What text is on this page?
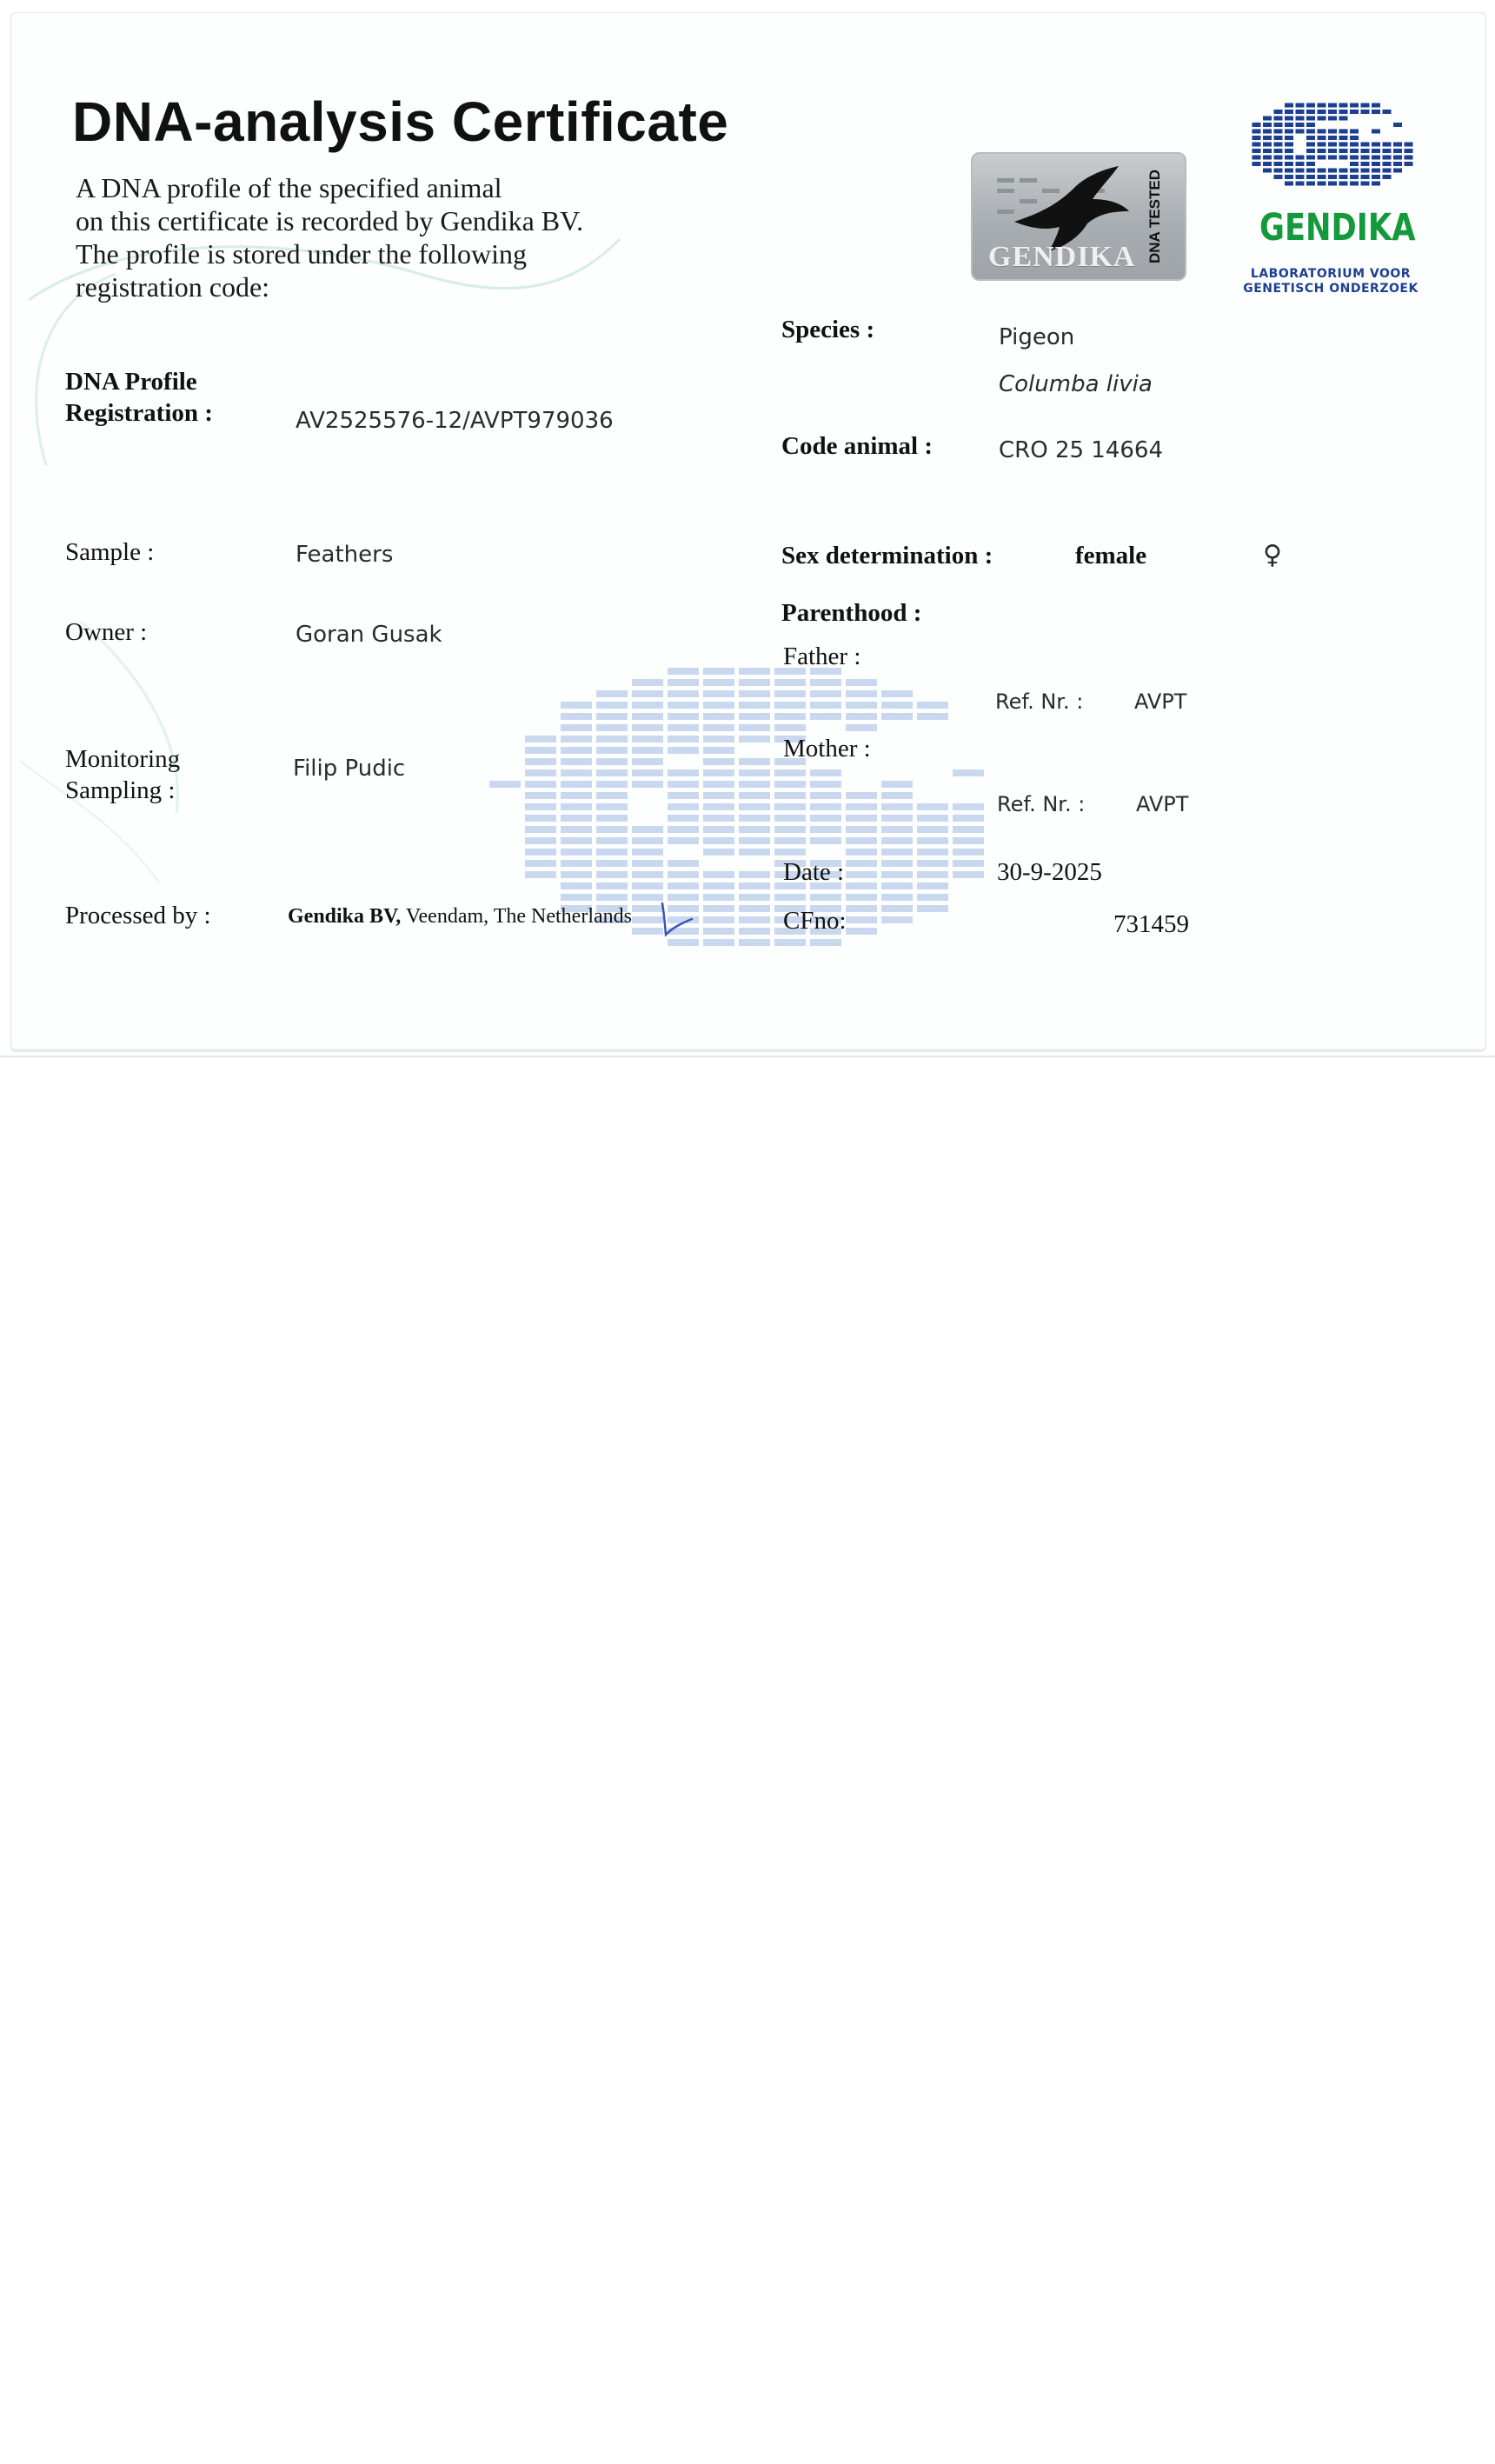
DNA-analysis Certificate
A DNA profile of the specified animal
on this certificate is recorded by Gendika BV.
The profile is stored under the following
registration code:
DNA Profile
Registration :	AV2525576-12/AVPT979036
Sample :	Feathers
Owner :	Goran Gusak
Monitoring
Sampling :
Filip Pudic
Processed by :	Gendika BV, Veendam, The Netherlands
Species :	Pigeon
Columba livia
Code animal :	CRO 25 14664
Sex determination :	female	♀
Parenthood :
Father :
Ref. Nr. : AVPT
Mother :
Ref. Nr. : AVPT
Date :	30-9-2025
CFno:	731459
GENDIKA DNA TESTED	GENDIKA
LABORATORIUM VOOR
GENETISCH ONDERZOEK
